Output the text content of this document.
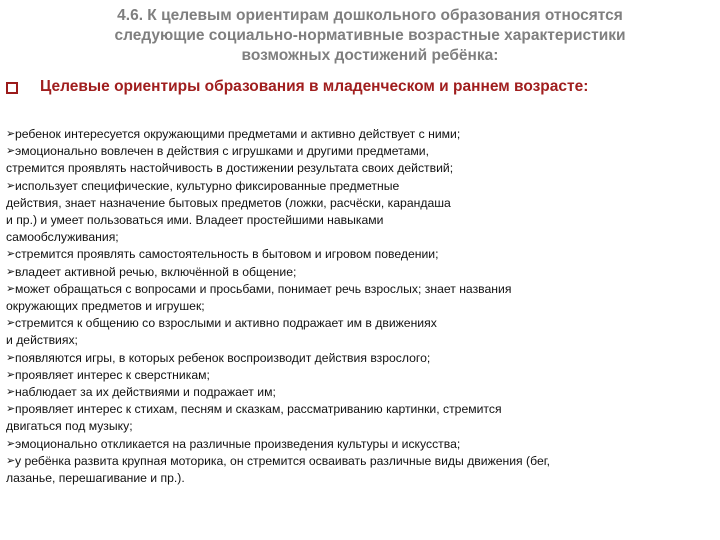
4.6. К целевым ориентирам дошкольного образования относятся
следующие социально-нормативные возрастные характеристики
возможных достижений ребёнка:
Целевые ориентиры образования в младенческом и раннем возрасте:
➢ ребенок интересуется окружающими предметами и активно действует с ними;
➢ эмоционально вовлечен в действия с игрушками и другими предметами,
стремится проявлять настойчивость в достижении результата своих действий;
➢ использует специфические, культурно фиксированные предметные
действия, знает назначение бытовых предметов (ложки, расчёски, карандаша
и пр.) и умеет пользоваться ими. Владеет простейшими навыками
самообслуживания;
➢ стремится проявлять самостоятельность в бытовом и игровом поведении;
➢ владеет активной речью, включённой в общение;
➢ может обращаться с вопросами и просьбами, понимает речь взрослых; знает названия
окружающих предметов и игрушек;
➢ стремится к общению со взрослыми и активно подражает им в движениях
и действиях;
➢ появляются игры, в которых ребенок воспроизводит действия взрослого;
➢ проявляет интерес к сверстникам;
➢ наблюдает за их действиями и подражает им;
➢ проявляет интерес к стихам, песням и сказкам, рассматриванию картинки, стремится
двигаться под музыку;
➢ эмоционально откликается на различные произведения культуры и искусства;
➢ у ребёнка развита крупная моторика, он стремится осваивать различные виды движения (бег,
лазанье, перешагивание и пр.).
